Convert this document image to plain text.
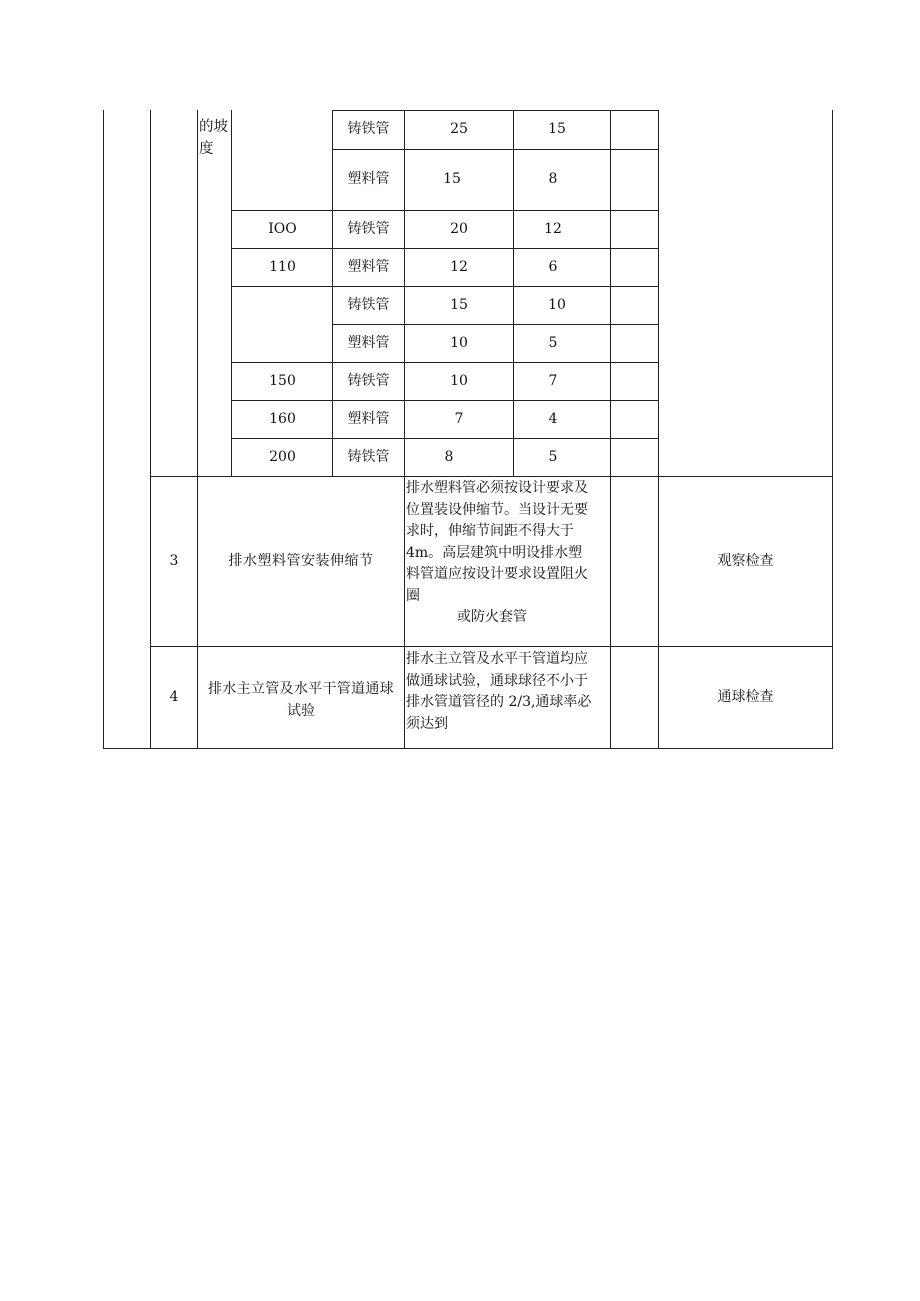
的坡度
IOO
110
150
160
200
铸铁管
塑料管
铸铁管
塑料管
铸铁管
塑料管
铸铁管
塑料管
铸铁管
25
15
20
12
15
10
10
7
8
15
8
12
6
10
5
7
4
5
3	排水塑料管安装伸缩节
排水塑料管必须按设计要求及
位置装设伸缩节。当设计无要
求时，伸缩节间距不得大于
4m。高层建筑中明设排水塑
料管道应按设计要求设置阻火
圈
或防火套管
观察检查
4	排水主立管及水平干管道通球
试验
排水主立管及水平干管道均应
做通球试验，通球球径不小于
排水管道管径的 2/3,通球率必
须达到
通球检查
